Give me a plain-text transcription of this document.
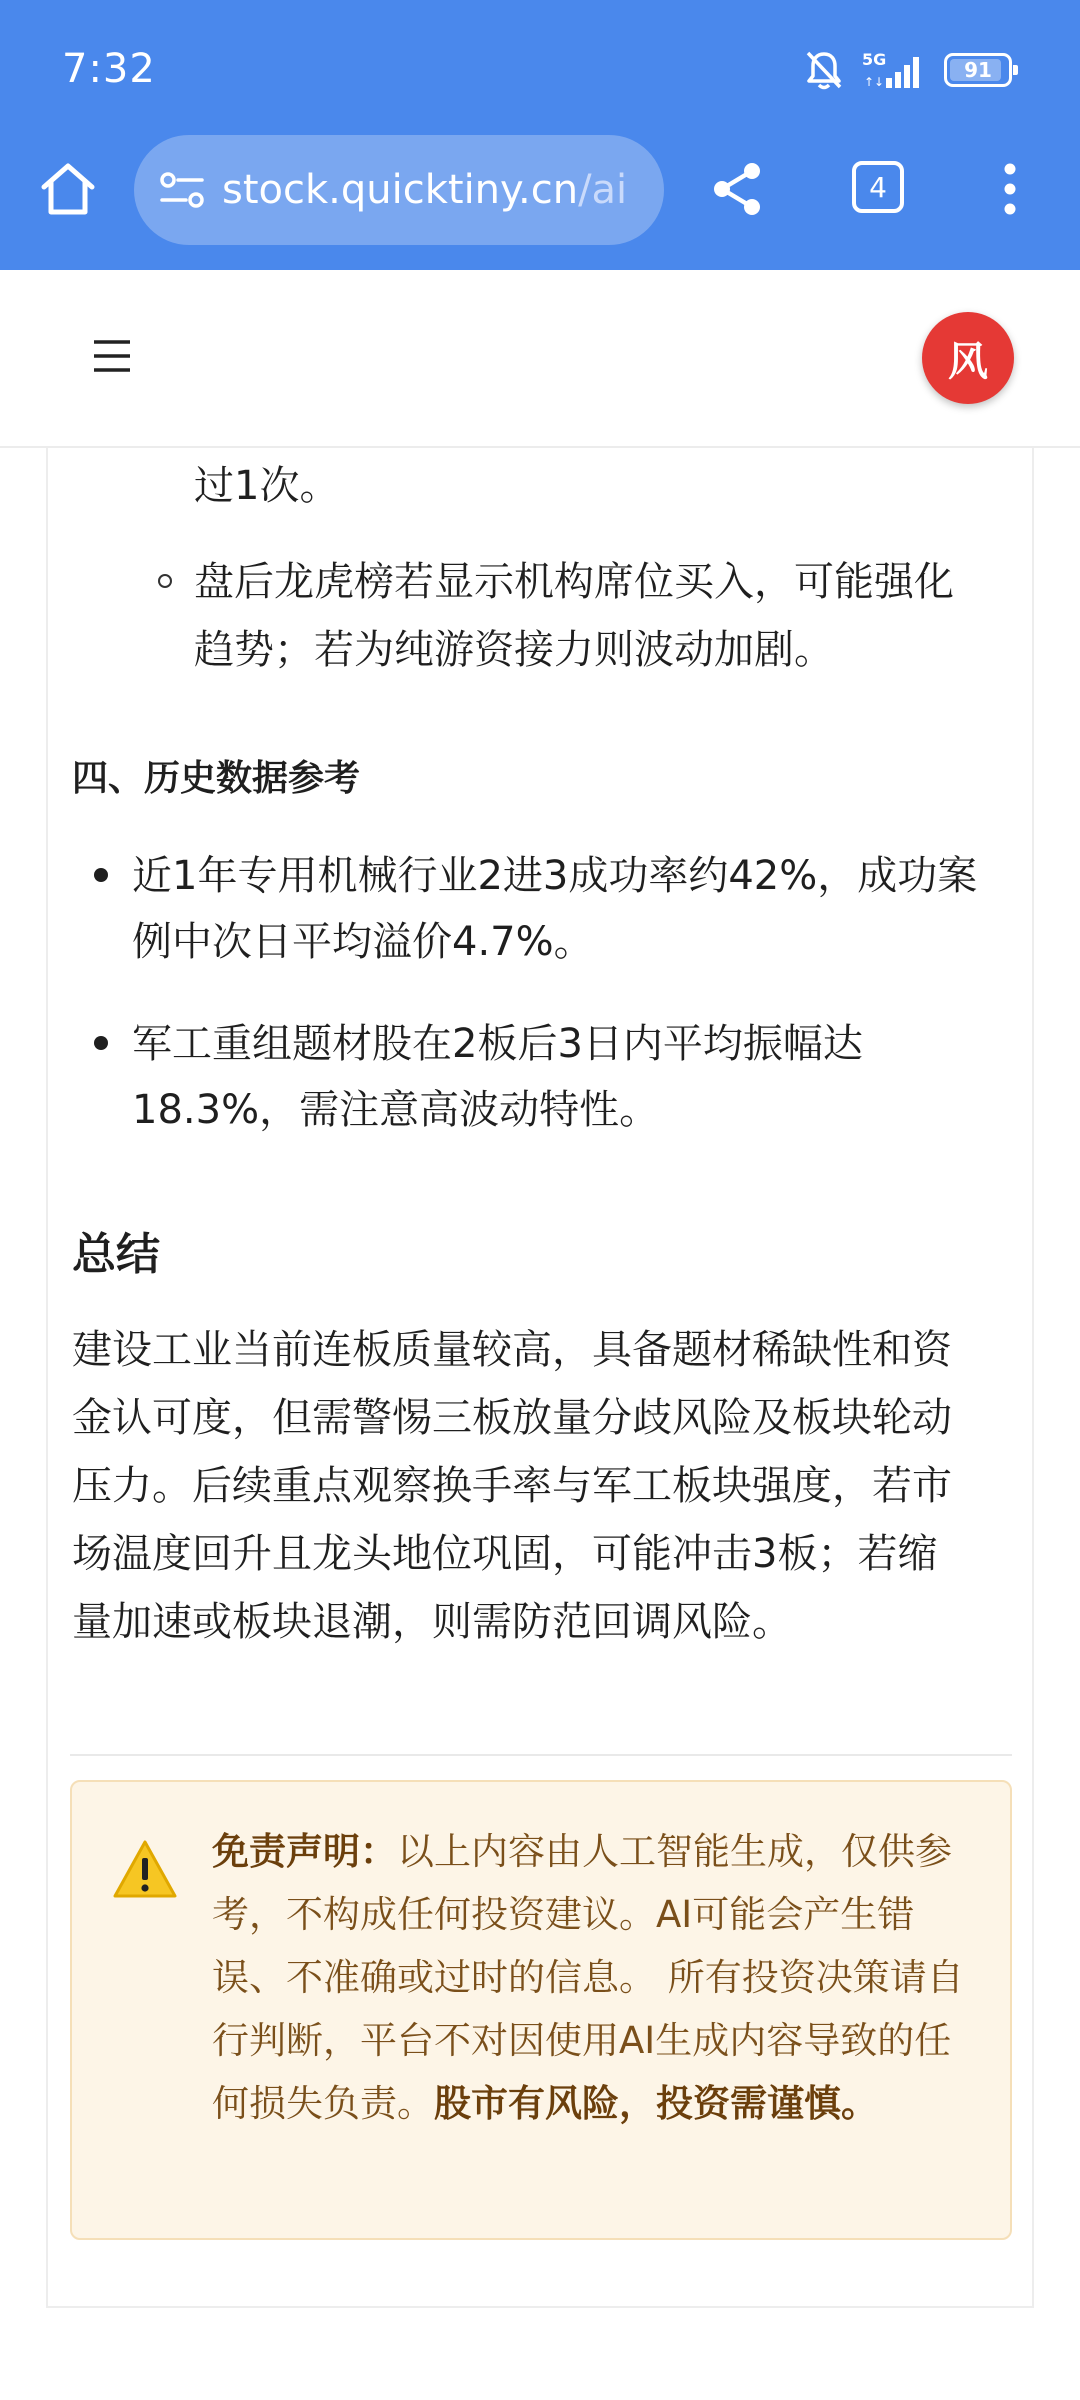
7:32	5G
↑↓	91
stock.quicktiny.cn/ai	4
风
过1次。
盘后龙虎榜若显示机构席位买入，可能强化
趋势；若为纯游资接力则波动加剧。
四、历史数据参考
近1年专用机械行业2进3成功率约42%，成功案
例中次日平均溢价4.7%。
军工重组题材股在2板后3日内平均振幅达
18.3%，需注意高波动特性。
总结
建设工业当前连板质量较高，具备题材稀缺性和资
金认可度，但需警惕三板放量分歧风险及板块轮动
压力。后续重点观察换手率与军工板块强度，若市
场温度回升且龙头地位巩固，可能冲击3板；若缩
量加速或板块退潮，则需防范回调风险。
免责声明：以上内容由人工智能生成，仅供参考，不构成任何投资建议。AI可能会产生错误、不准确或过时的信息。 所有投资决策请自行判断，平台不对因使用AI生成内容导致的任何损失负责。股市有风险，投资需谨慎。
